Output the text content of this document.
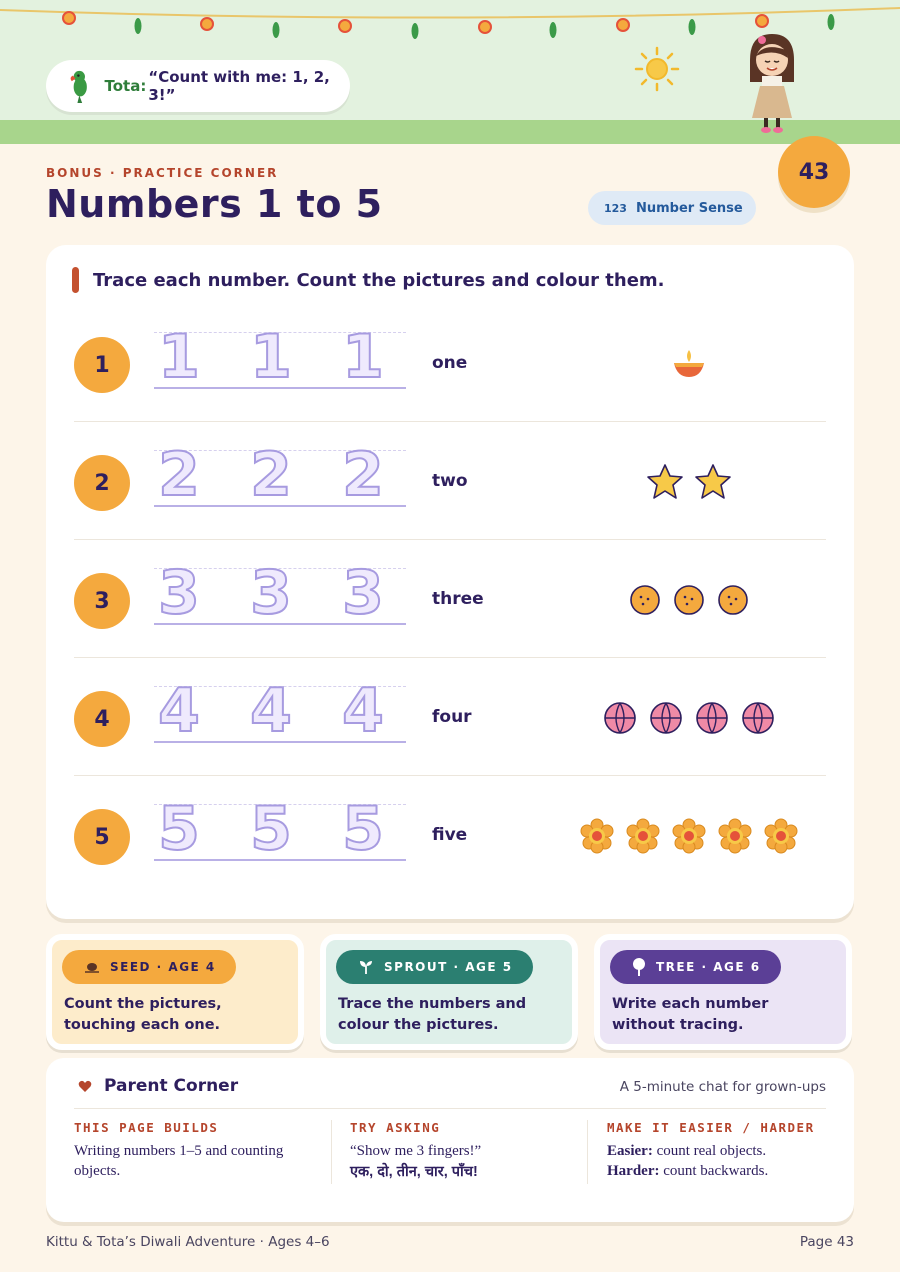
Tota: “Count with me: 1, 2, 3!”
BONUS · PRACTICE CORNER
Numbers 1 to 5	123 Number Sense
43
Trace each number. Count the pictures and colour them.
1 1 1 1	one
2 2 2 2	two
3 3 3 3	three
4 4 4 4	four
5 5 5 5	five
SEED · AGE 4
Count the pictures, touching each one.
SPROUT · AGE 5
Trace the numbers and colour the pictures.
TREE · AGE 6
Write each number without tracing.
Parent Corner	A 5-minute chat for grown-ups
THIS PAGE BUILDS
Writing numbers 1–5 and counting objects.
TRY ASKING
“Show me 3 fingers!”
एक, दो, तीन, चार, पाँच!
MAKE IT EASIER / HARDER
Easier: count real objects.
Harder: count backwards.
Kittu & Tota’s Diwali Adventure · Ages 4–6	Page 43
